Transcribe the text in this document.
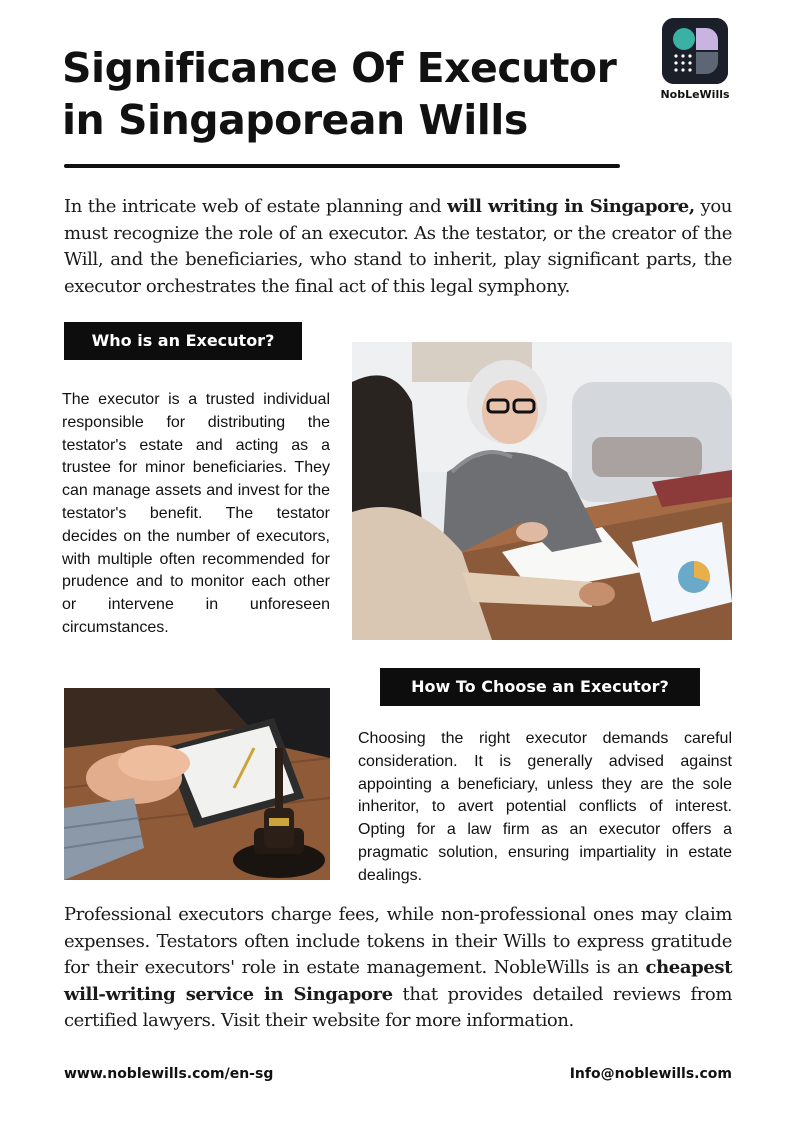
Significance Of Executor
in Singaporean Wills
NobLeWills

In the intricate web of estate planning and will writing in Singapore, you must recognize the role of an executor. As the testator, or the creator of the Will, and the beneficiaries, who stand to inherit, play significant parts, the executor orchestrates the final act of this legal symphony.

Who is an Executor?

The executor is a trusted individual responsible for distributing the testator's estate and acting as a trustee for minor beneficiaries. They can manage assets and invest for the testator's benefit. The testator decides on the number of executors, with multiple often recommended for prudence and to monitor each other or intervene in unforeseen circumstances.

How To Choose an Executor?

Choosing the right executor demands careful consideration. It is generally advised against appointing a beneficiary, unless they are the sole inheritor, to avert potential conflicts of interest. Opting for a law firm as an executor offers a pragmatic solution, ensuring impartiality in estate dealings.

Professional executors charge fees, while non-professional ones may claim expenses. Testators often include tokens in their Wills to express gratitude for their executors' role in estate management. NobleWills is an cheapest will-writing service in Singapore that provides detailed reviews from certified lawyers. Visit their website for more information.

www.noblewills.com/en-sg	Info@noblewills.com
